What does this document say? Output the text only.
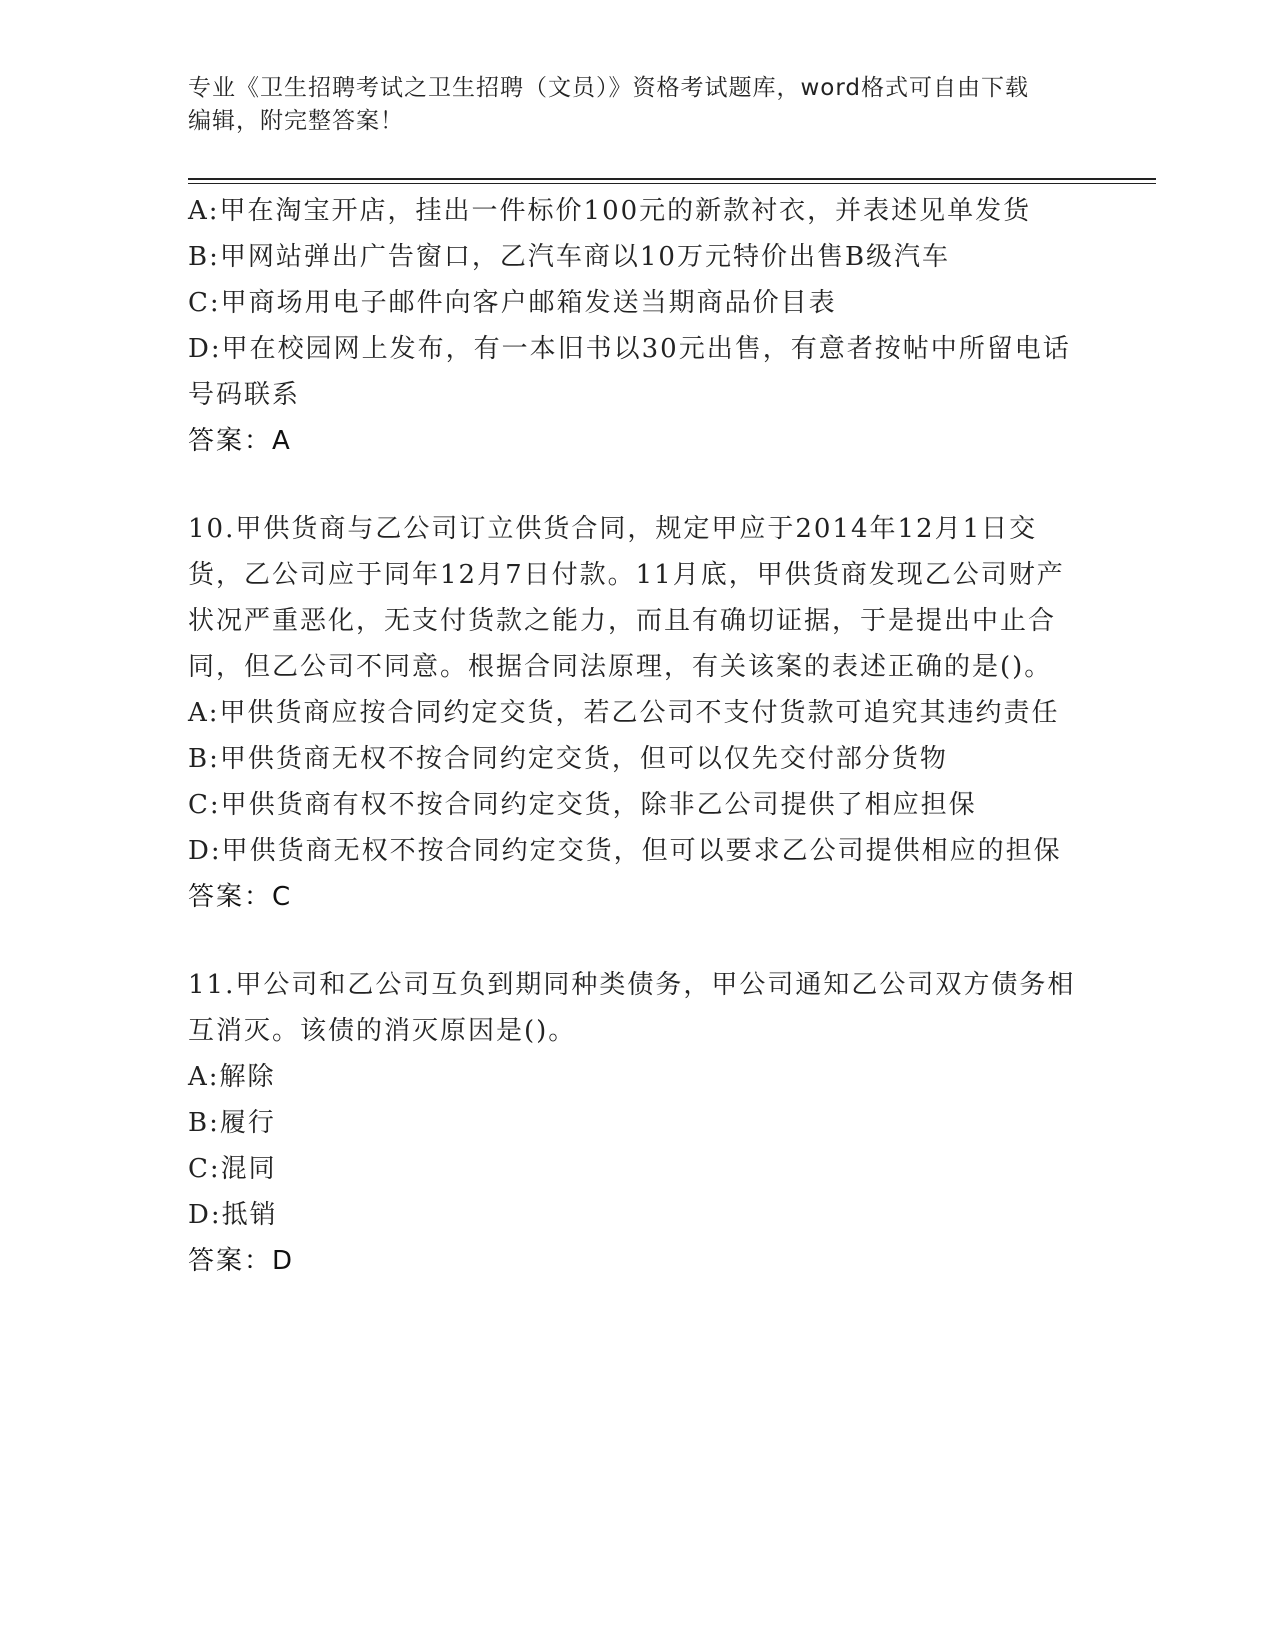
专业《卫生招聘考试之卫生招聘（文员）》资格考试题库，word格式可自由下载
编辑，附完整答案！

A:甲在淘宝开店，挂出一件标价100元的新款衬衣，并表述见单发货

B:甲网站弹出广告窗口，乙汽车商以10万元特价出售B级汽车

C:甲商场用电子邮件向客户邮箱发送当期商品价目表

D:甲在校园网上发布，有一本旧书以30元出售，有意者按帖中所留电话号码联系

答案：A

10.甲供货商与乙公司订立供货合同，规定甲应于2014年12月1日交货，乙公司应于同年12月7日付款。11月底，甲供货商发现乙公司财产状况严重恶化，无支付货款之能力，而且有确切证据，于是提出中止合同，但乙公司不同意。根据合同法原理，有关该案的表述正确的是()。

A:甲供货商应按合同约定交货，若乙公司不支付货款可追究其违约责任

B:甲供货商无权不按合同约定交货，但可以仅先交付部分货物

C:甲供货商有权不按合同约定交货，除非乙公司提供了相应担保

D:甲供货商无权不按合同约定交货，但可以要求乙公司提供相应的担保

答案：C

11.甲公司和乙公司互负到期同种类债务，甲公司通知乙公司双方债务相互消灭。该债的消灭原因是()。

A:解除

B:履行

C:混同

D:抵销

答案：D
